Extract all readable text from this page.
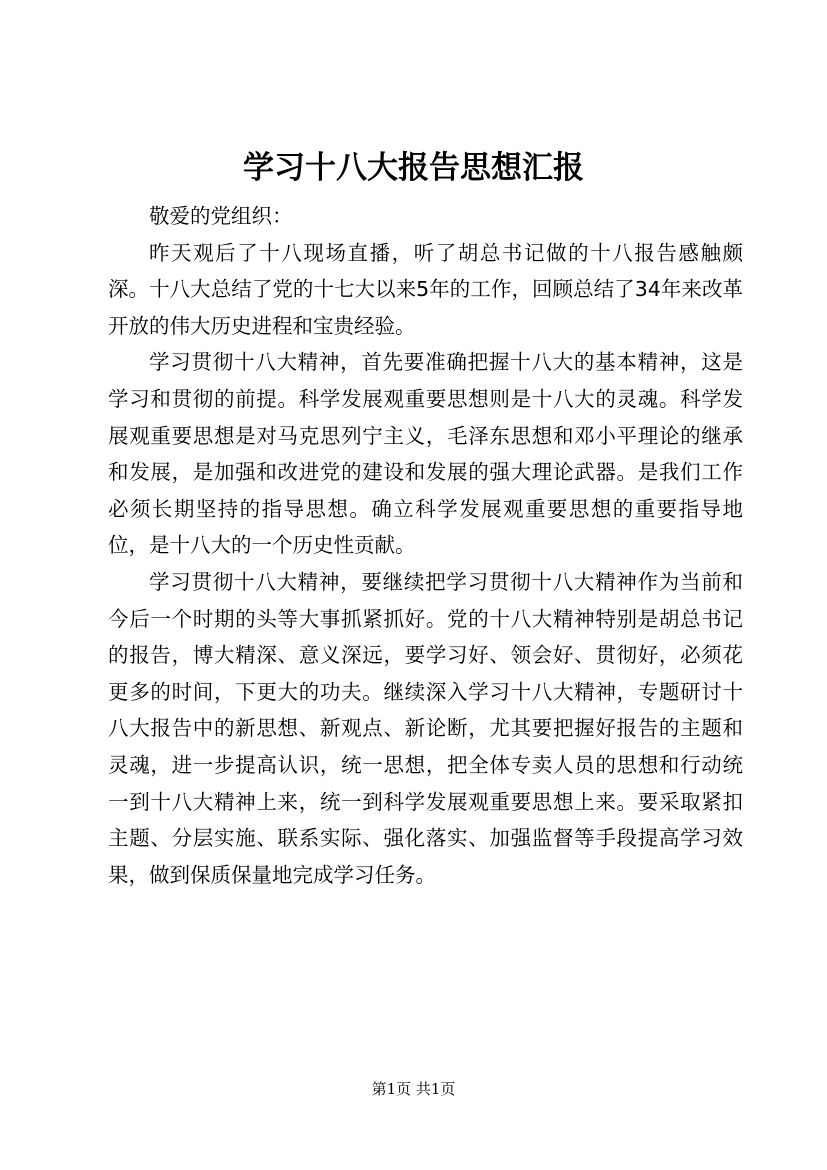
学习十八大报告思想汇报

敬爱的党组织：

昨天观后了十八现场直播，听了胡总书记做的十八报告感触颇深。十八大总结了党的十七大以来5年的工作，回顾总结了34年来改革开放的伟大历史进程和宝贵经验。

学习贯彻十八大精神，首先要准确把握十八大的基本精神，这是学习和贯彻的前提。科学发展观重要思想则是十八大的灵魂。科学发展观重要思想是对马克思列宁主义，毛泽东思想和邓小平理论的继承和发展，是加强和改进党的建设和发展的强大理论武器。是我们工作必须长期坚持的指导思想。确立科学发展观重要思想的重要指导地位，是十八大的一个历史性贡献。

学习贯彻十八大精神，要继续把学习贯彻十八大精神作为当前和今后一个时期的头等大事抓紧抓好。党的十八大精神特别是胡总书记的报告，博大精深、意义深远，要学习好、领会好、贯彻好，必须花更多的时间，下更大的功夫。继续深入学习十八大精神，专题研讨十八大报告中的新思想、新观点、新论断，尤其要把握好报告的主题和灵魂，进一步提高认识，统一思想，把全体专卖人员的思想和行动统一到十八大精神上来，统一到科学发展观重要思想上来。要采取紧扣主题、分层实施、联系实际、强化落实、加强监督等手段提高学习效果，做到保质保量地完成学习任务。

第1页 共1页
